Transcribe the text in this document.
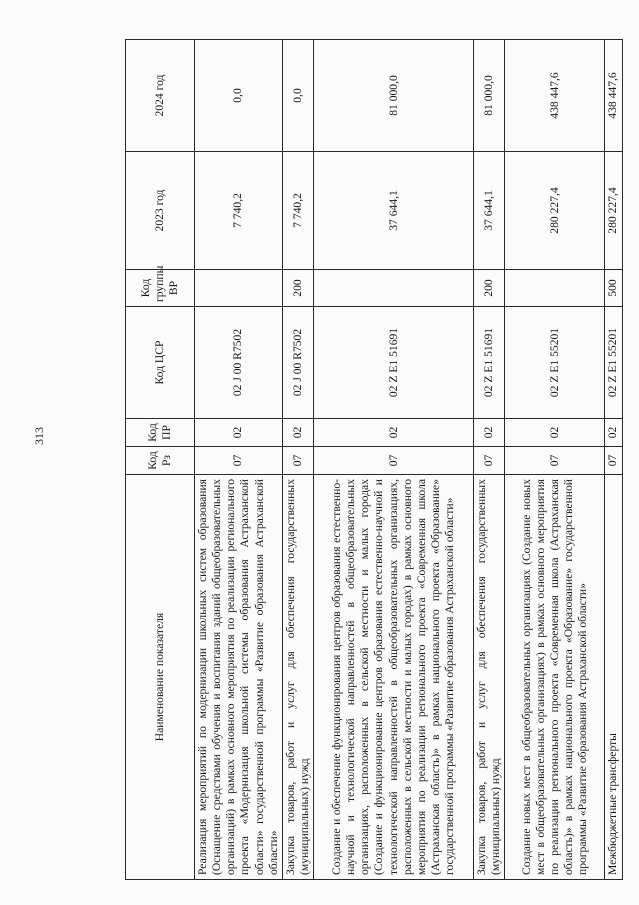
313
Наименование показателя	Код Рз	Код ПР	Код ЦСР	Код группы ВР	2023 год	2024 год
Реализация мероприятий по модернизации школьных систем образования (Оснащение средствами обучения и воспитания зданий общеобразовательных организаций) в рамках основного мероприятия по реализации регионального проекта «Модернизация школьной системы образования Астраханской области» государственной программы «Развитие образования Астраханской области»	07	02	02 J 00 R7502		7 740,2	0,0
Закупка товаров, работ и услуг для обеспечения государственных (муниципальных) нужд	07	02	02 J 00 R7502	200	7 740,2	0,0
Создание и обеспечение функционирования центров образования естественно-научной и технологической направленностей в общеобразовательных организациях, расположенных в сельской местности и малых городах (Создание и функционирование центров образования естественно-научной и технологической направленностей в общеобразовательных организациях, расположенных в сельской местности и малых городах) в рамках основного мероприятия по реализации регионального проекта «Современная школа (Астраханская область)» в рамках национального проекта «Образование» государственной программы «Развитие образования Астраханской области»	07	02	02 Z E1 51691		37 644,1	81 000,0
Закупка товаров, работ и услуг для обеспечения государственных (муниципальных) нужд	07	02	02 Z E1 51691	200	37 644,1	81 000,0
Создание новых мест в общеобразовательных организациях (Создание новых мест в общеобразовательных организациях) в рамках основного мероприятия по реализации регионального проекта «Современная школа (Астраханская область)» в рамках национального проекта «Образование» государственной программы «Развитие образования Астраханской области»	07	02	02 Z E1 55201		280 227,4	438 447,6
Межбюджетные трансферты	07	02	02 Z E1 55201	500	280 227,4	438 447,6
